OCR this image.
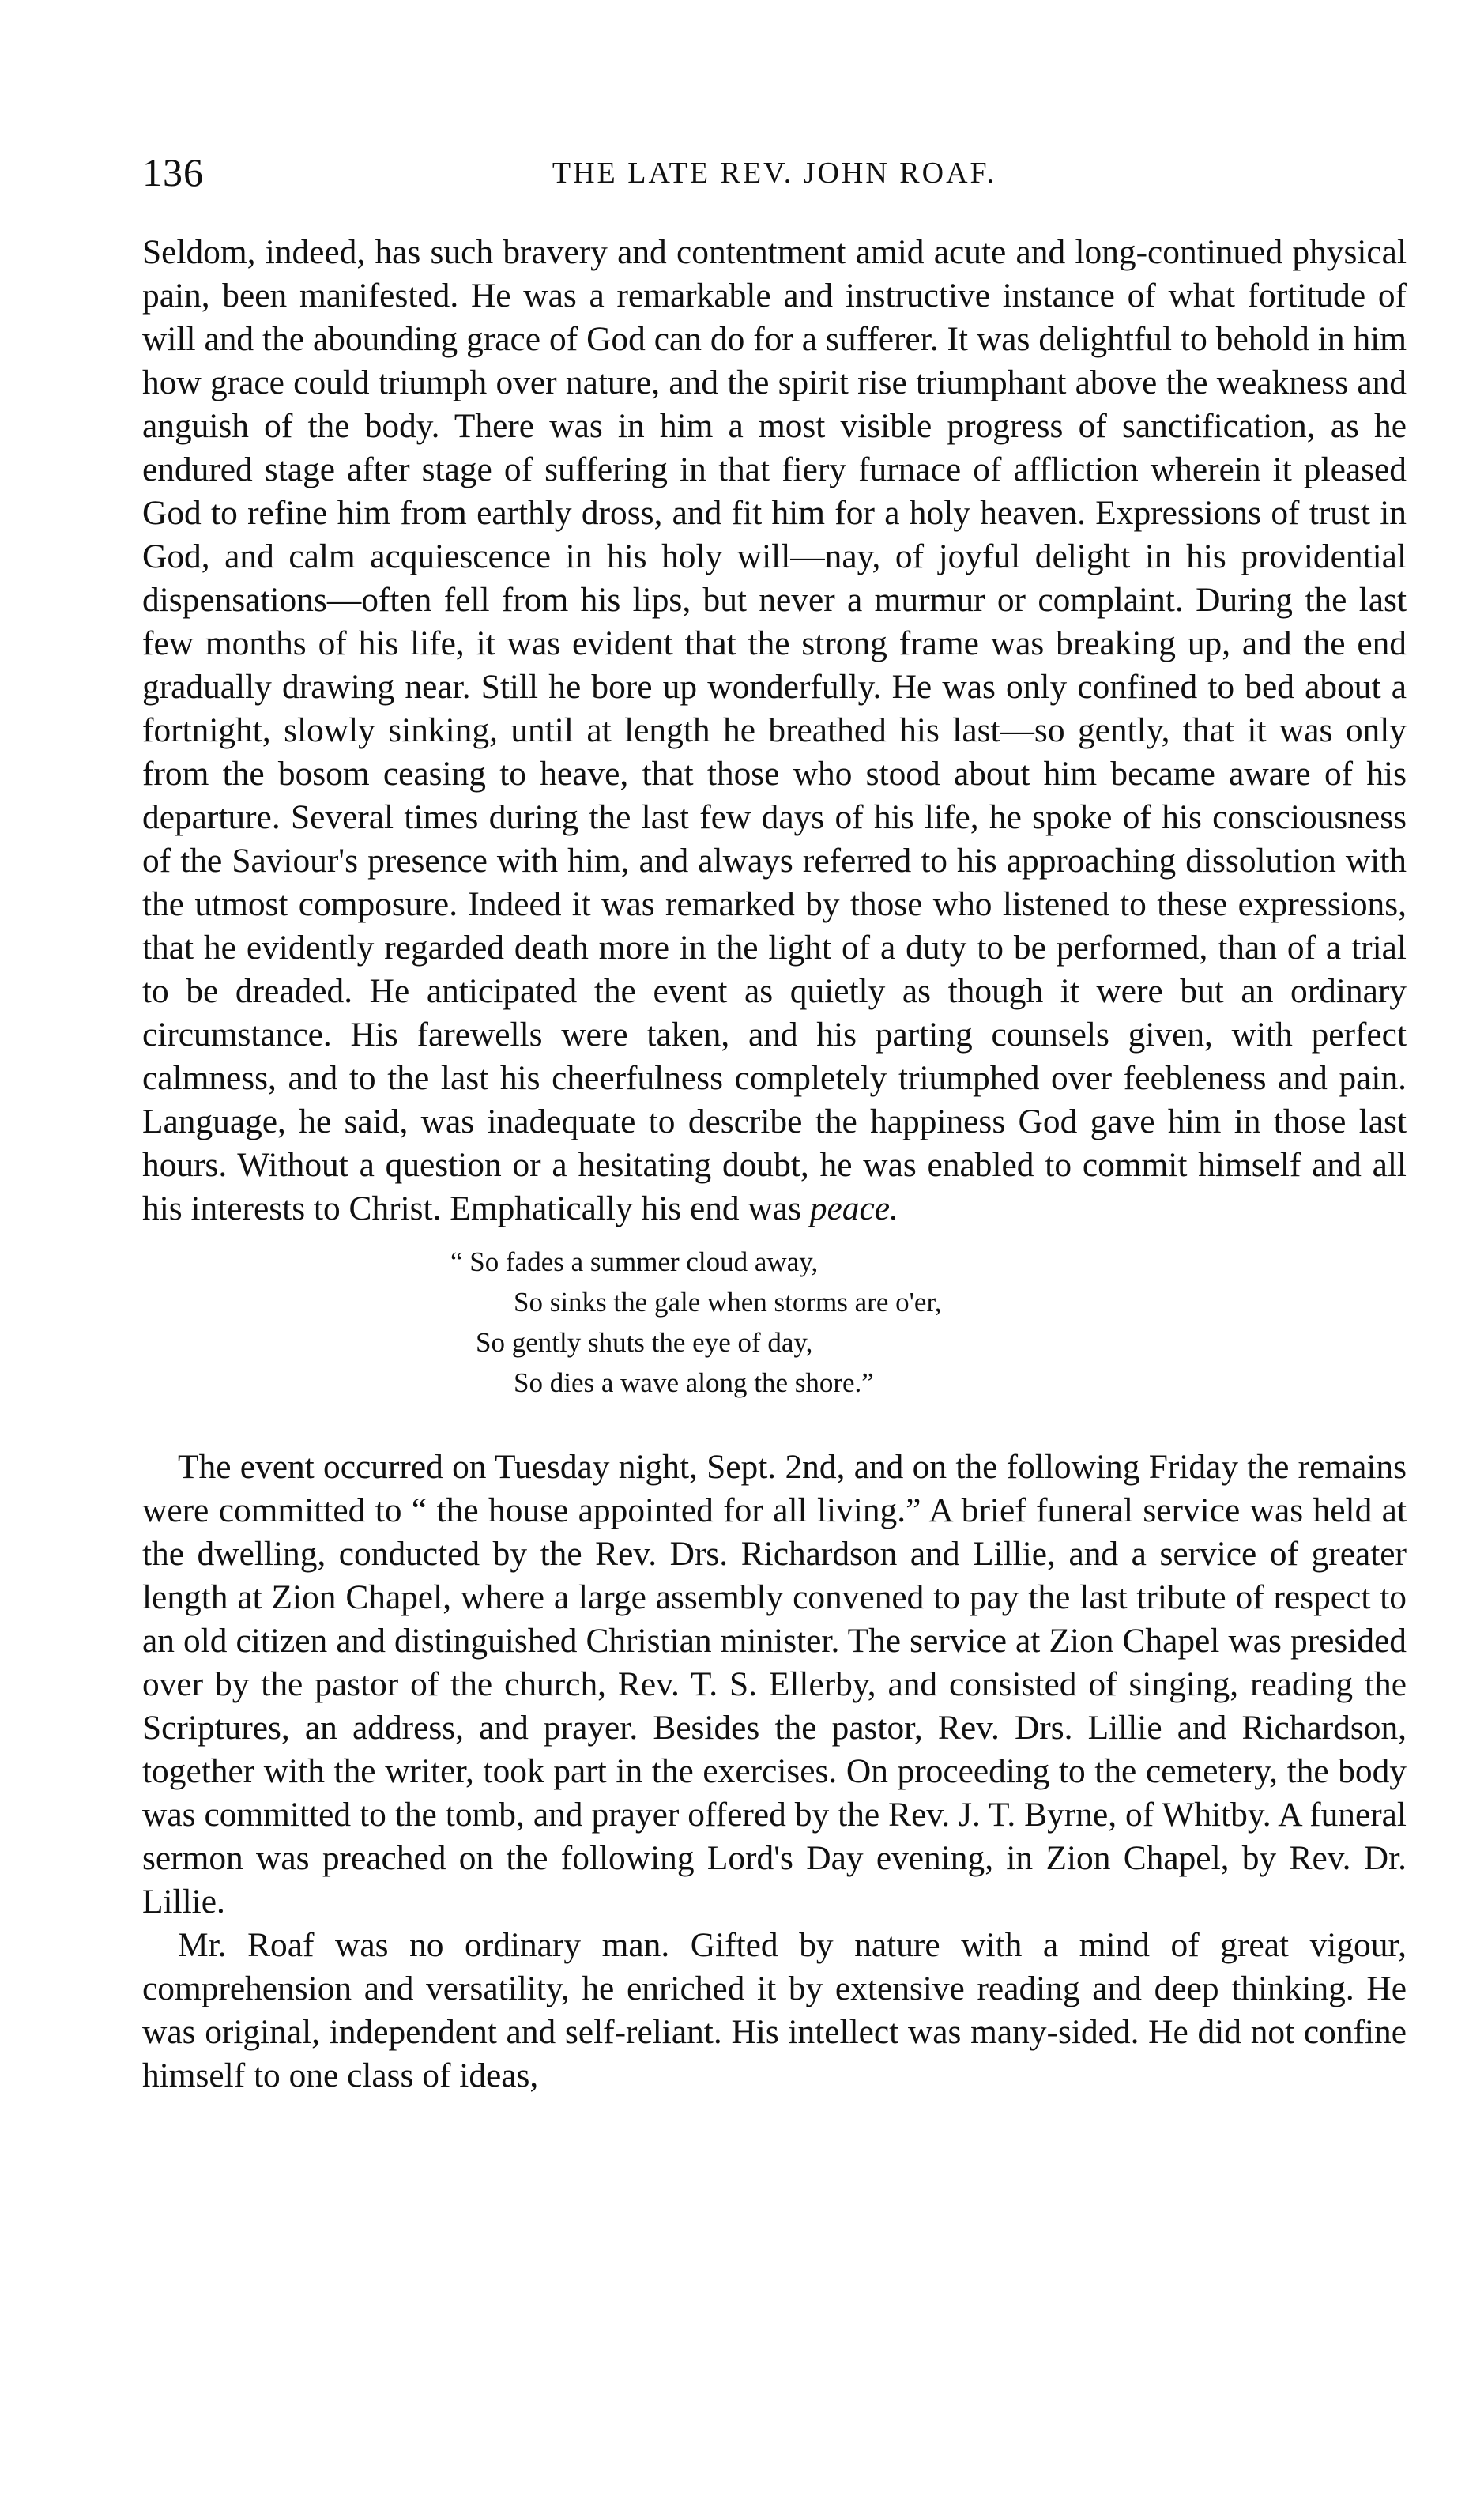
136	THE LATE REV. JOHN ROAF.

Seldom, indeed, has such bravery and contentment amid acute and long-continued physical pain, been manifested. He was a remarkable and instructive instance of what fortitude of will and the abounding grace of God can do for a sufferer. It was delightful to behold in him how grace could triumph over nature, and the spirit rise triumphant above the weakness and anguish of the body. There was in him a most visible progress of sanctification, as he endured stage after stage of suffering in that fiery furnace of affliction wherein it pleased God to refine him from earthly dross, and fit him for a holy heaven. Expressions of trust in God, and calm acquiescence in his holy will—nay, of joyful delight in his providential dispensations—often fell from his lips, but never a murmur or complaint. During the last few months of his life, it was evident that the strong frame was breaking up, and the end gradually drawing near. Still he bore up wonderfully. He was only confined to bed about a fortnight, slowly sinking, until at length he breathed his last—so gently, that it was only from the bosom ceasing to heave, that those who stood about him became aware of his departure. Several times during the last few days of his life, he spoke of his consciousness of the Saviour's presence with him, and always referred to his approaching dissolution with the utmost composure. Indeed it was remarked by those who listened to these expressions, that he evidently regarded death more in the light of a duty to be performed, than of a trial to be dreaded. He anticipated the event as quietly as though it were but an ordinary circumstance. His farewells were taken, and his parting counsels given, with perfect calmness, and to the last his cheerfulness completely triumphed over feebleness and pain. Language, he said, was inadequate to describe the happiness God gave him in those last hours. Without a question or a hesitating doubt, he was enabled to commit himself and all his interests to Christ. Emphatically his end was peace.

“ So fades a summer cloud away,
So sinks the gale when storms are o'er,
So gently shuts the eye of day,
So dies a wave along the shore.”

The event occurred on Tuesday night, Sept. 2nd, and on the following Friday the remains were committed to “ the house appointed for all living.” A brief funeral service was held at the dwelling, conducted by the Rev. Drs. Richardson and Lillie, and a service of greater length at Zion Chapel, where a large assembly convened to pay the last tribute of respect to an old citizen and distinguished Christian minister. The service at Zion Chapel was presided over by the pastor of the church, Rev. T. S. Ellerby, and consisted of singing, reading the Scriptures, an address, and prayer. Besides the pastor, Rev. Drs. Lillie and Richardson, together with the writer, took part in the exercises. On proceeding to the cemetery, the body was committed to the tomb, and prayer offered by the Rev. J. T. Byrne, of Whitby. A funeral sermon was preached on the following Lord's Day evening, in Zion Chapel, by Rev. Dr. Lillie.

Mr. Roaf was no ordinary man. Gifted by nature with a mind of great vigour, comprehension and versatility, he enriched it by extensive reading and deep thinking. He was original, independent and self-reliant. His intellect was many-sided. He did not confine himself to one class of ideas,
